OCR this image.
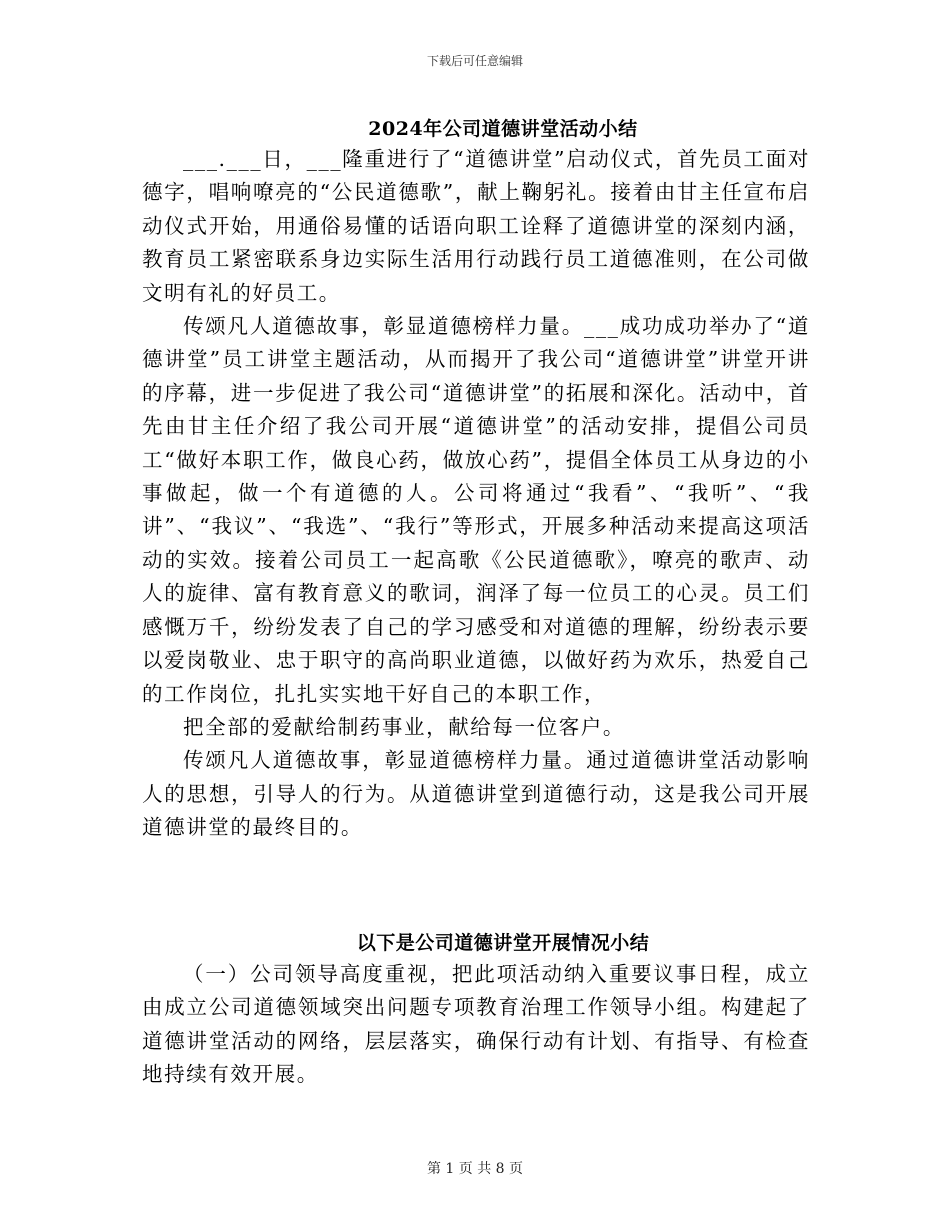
下载后可任意编辑
2024年公司道德讲堂活动小结

___.___日，___隆重进行了“道德讲堂”启动仪式，首先员工面对德字，唱响嘹亮的“公民道德歌”，献上鞠躬礼。接着由甘主任宣布启动仪式开始，用通俗易懂的话语向职工诠释了道德讲堂的深刻内涵，教育员工紧密联系身边实际生活用行动践行员工道德准则，在公司做文明有礼的好员工。

传颂凡人道德故事，彰显道德榜样力量。___成功成功举办了“道德讲堂”员工讲堂主题活动，从而揭开了我公司“道德讲堂”讲堂开讲的序幕，进一步促进了我公司“道德讲堂”的拓展和深化。活动中，首先由甘主任介绍了我公司开展“道德讲堂”的活动安排，提倡公司员工“做好本职工作，做良心药，做放心药”，提倡全体员工从身边的小事做起，做一个有道德的人。公司将通过“我看”、“我听”、“我讲”、“我议”、“我选”、“我行”等形式，开展多种活动来提高这项活动的实效。接着公司员工一起高歌《公民道德歌》，嘹亮的歌声、动人的旋律、富有教育意义的歌词，润泽了每一位员工的心灵。员工们感慨万千，纷纷发表了自己的学习感受和对道德的理解，纷纷表示要以爱岗敬业、忠于职守的高尚职业道德，以做好药为欢乐，热爱自己的工作岗位，扎扎实实地干好自己的本职工作，

把全部的爱献给制药事业，献给每一位客户。

传颂凡人道德故事，彰显道德榜样力量。通过道德讲堂活动影响人的思想，引导人的行为。从道德讲堂到道德行动，这是我公司开展道德讲堂的最终目的。

以下是公司道德讲堂开展情况小结

（一）公司领导高度重视，把此项活动纳入重要议事日程，成立由成立公司道德领域突出问题专项教育治理工作领导小组。构建起了道德讲堂活动的网络，层层落实，确保行动有计划、有指导、有检查地持续有效开展。

第 1 页 共 8 页
